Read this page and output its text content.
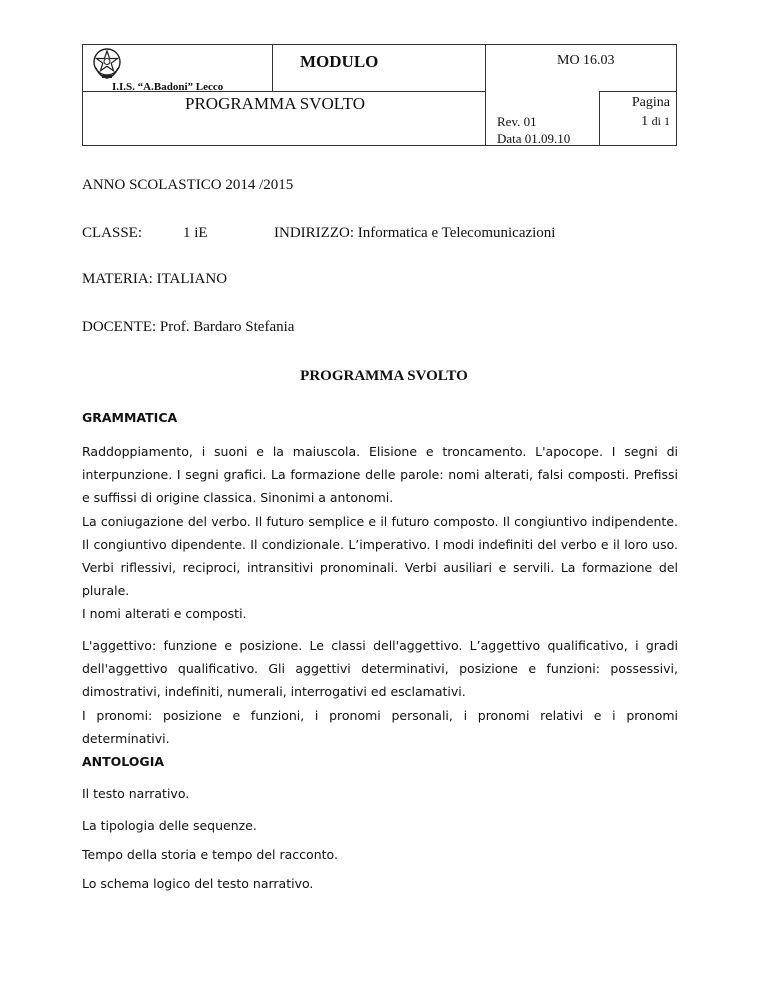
I.I.S. “A.Badoni” Lecco
MODULO	MO 16.03
PROGRAMMA SVOLTO
Rev. 01
Data 01.09.10
Pagina
1 di 1
ANNO SCOLASTICO 2014 /2015
CLASSE:	1 iE	INDIRIZZO: Informatica e Telecomunicazioni
MATERIA: ITALIANO
DOCENTE: Prof. Bardaro Stefania
PROGRAMMA SVOLTO
GRAMMATICA
Raddoppiamento, i suoni e la maiuscola. Elisione e troncamento. L'apocope. I segni di interpunzione. I segni grafici. La formazione delle parole: nomi alterati, falsi composti. Prefissi e suffissi di origine classica. Sinonimi a antonomi.
La coniugazione del verbo. Il futuro semplice e il futuro composto. Il congiuntivo indipendente. Il congiuntivo dipendente. Il condizionale. L’imperativo. I modi indefiniti del verbo e il loro uso. Verbi riflessivi, reciproci, intransitivi pronominali. Verbi ausiliari e servili. La formazione del plurale.
I nomi alterati e composti.
L'aggettivo: funzione e posizione. Le classi dell'aggettivo. L’aggettivo qualificativo, i gradi dell'aggettivo qualificativo. Gli aggettivi determinativi, posizione e funzioni: possessivi, dimostrativi, indefiniti, numerali, interrogativi ed esclamativi.
I pronomi: posizione e funzioni, i pronomi personali, i pronomi relativi e i pronomi determinativi.
ANTOLOGIA
Il testo narrativo.
La tipologia delle sequenze.
Tempo della storia e tempo del racconto.
Lo schema logico del testo narrativo.
